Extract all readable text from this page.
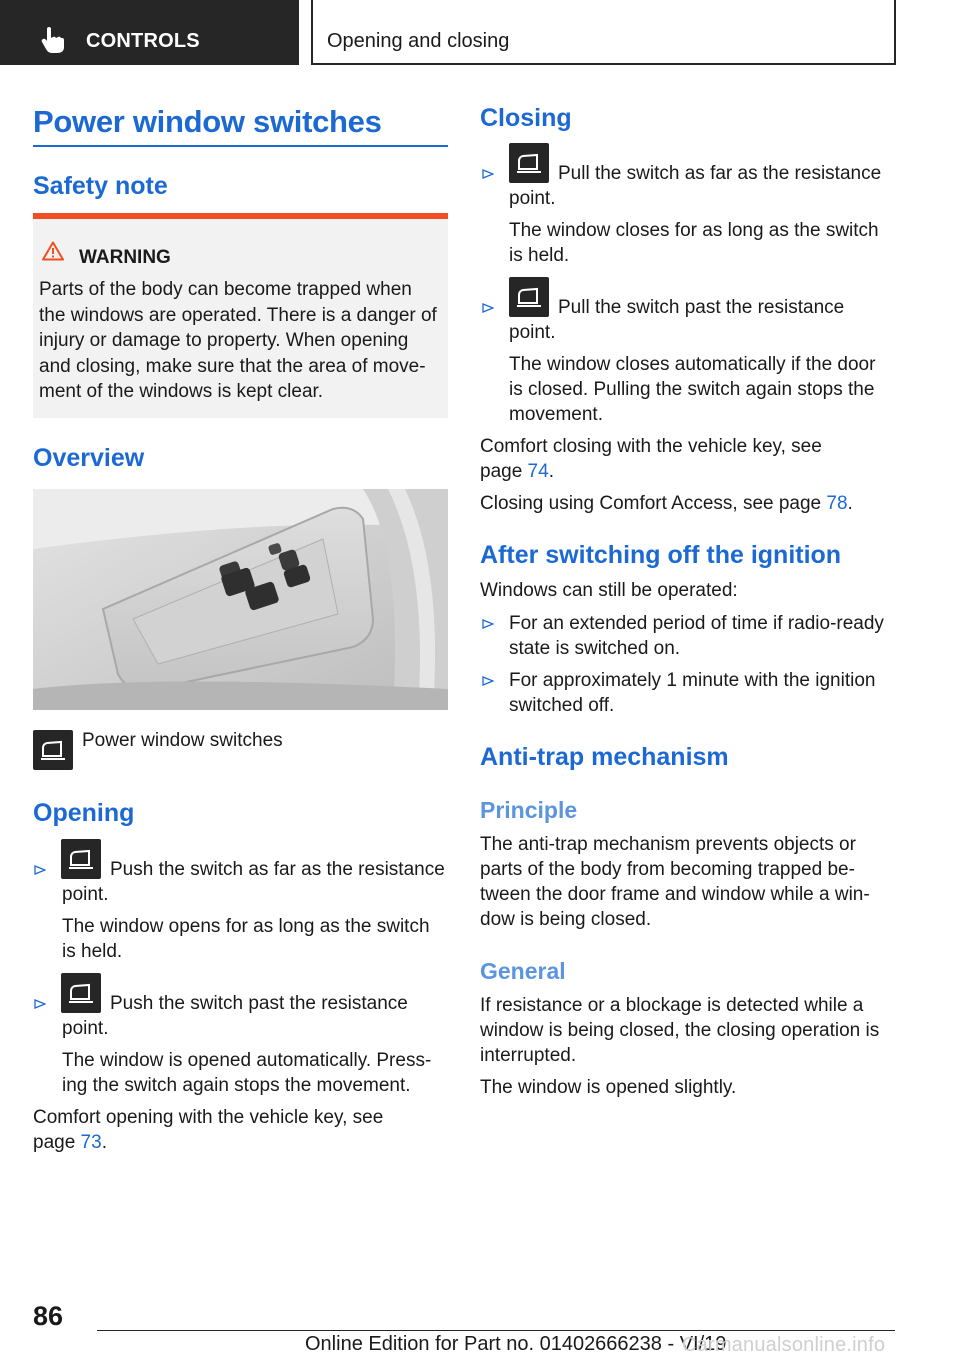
CONTROLS	Opening and closing
Power window switches
Safety note
WARNING
Parts of the body can become trapped when
the windows are operated. There is a danger of
injury or damage to property. When opening
and closing, make sure that the area of move-
ment of the windows is kept clear.
Overview
Power window switches
Opening
Push the switch as far as the resistance
point.
The window opens for as long as the switch
is held.
Push the switch past the resistance
point.
The window is opened automatically. Press-
ing the switch again stops the movement.
Comfort opening with the vehicle key, see
page 73.
Closing
Pull the switch as far as the resistance
point.
The window closes for as long as the switch
is held.
Pull the switch past the resistance
point.
The window closes automatically if the door
is closed. Pulling the switch again stops the
movement.
Comfort closing with the vehicle key, see
page 74.
Closing using Comfort Access, see page 78.
After switching off the ignition
Windows can still be operated:
For an extended period of time if radio-ready
state is switched on.
For approximately 1 minute with the ignition
switched off.
Anti-trap mechanism
Principle
The anti-trap mechanism prevents objects or
parts of the body from becoming trapped be-
tween the door frame and window while a win-
dow is being closed.
General
If resistance or a blockage is detected while a
window is being closed, the closing operation is
interrupted.
The window is opened slightly.
86
Online Edition for Part no. 01402666238 - VI/19
Carmanualsonline.info
